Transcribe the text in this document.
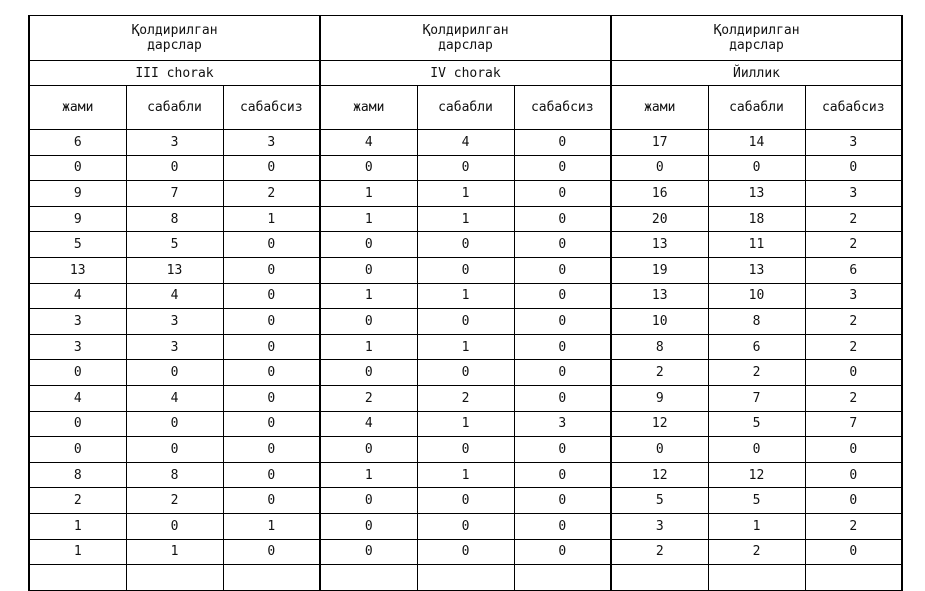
Қолдирилган
дарслар			Қолдирилган
дарслар			Қолдирилган
дарслар		
III chorak			IV chorak			Йиллик		
жами	сабабли	сабабсиз	жами	сабабли	сабабсиз	жами	сабабли	сабабсиз
6	3	3	4	4	0	17	14	3
0	0	0	0	0	0	0	0	0
9	7	2	1	1	0	16	13	3
9	8	1	1	1	0	20	18	2
5	5	0	0	0	0	13	11	2
13	13	0	0	0	0	19	13	6
4	4	0	1	1	0	13	10	3
3	3	0	0	0	0	10	8	2
3	3	0	1	1	0	8	6	2
0	0	0	0	0	0	2	2	0
4	4	0	2	2	0	9	7	2
0	0	0	4	1	3	12	5	7
0	0	0	0	0	0	0	0	0
8	8	0	1	1	0	12	12	0
2	2	0	0	0	0	5	5	0
1	0	1	0	0	0	3	1	2
1	1	0	0	0	0	2	2	0
